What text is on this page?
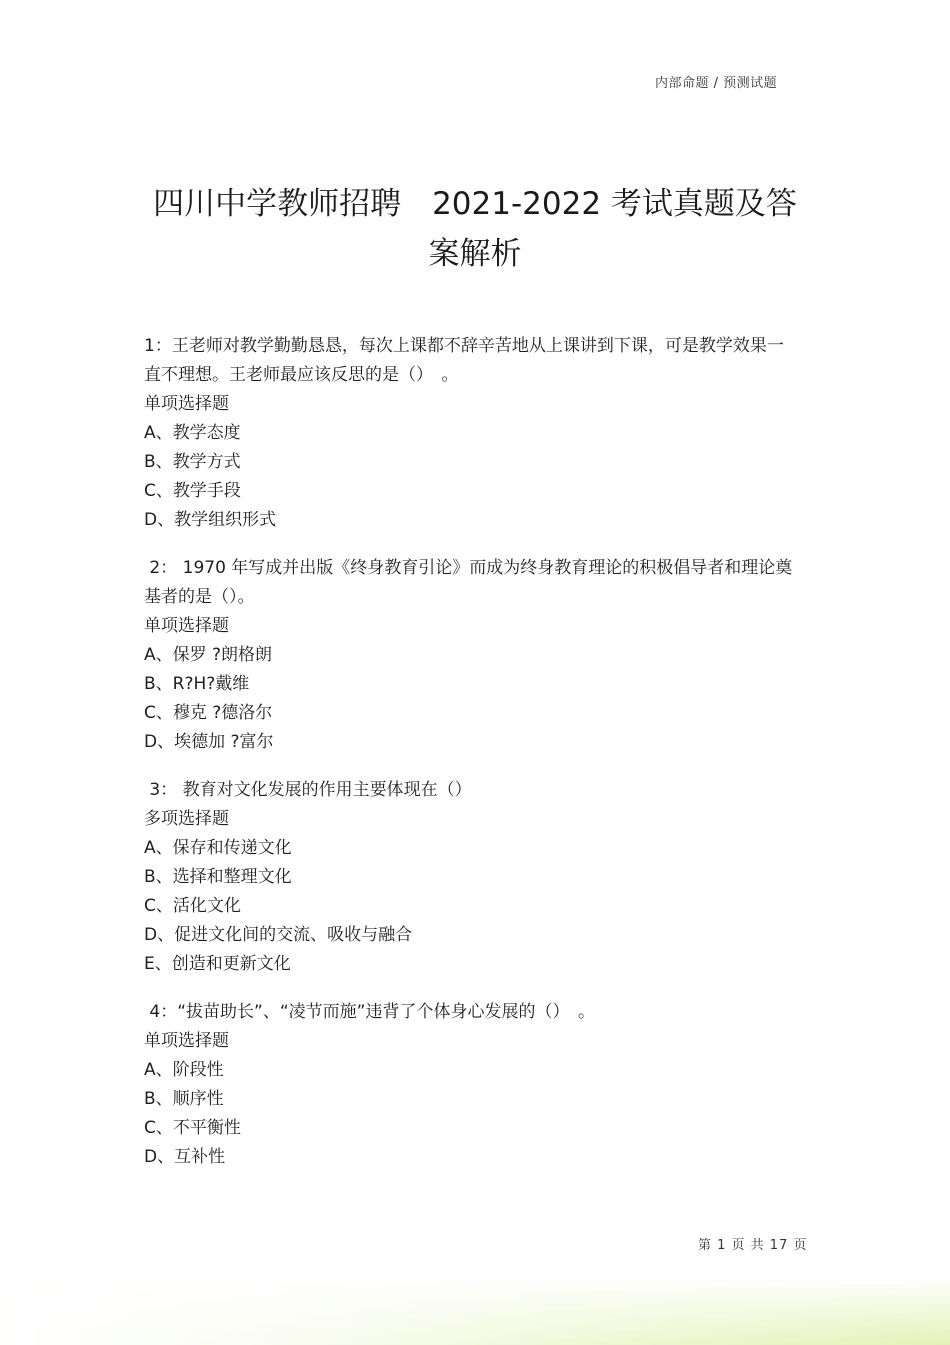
内部命题 / 预测试题
四川中学教师招聘　2021-2022 考试真题及答
案解析
1：王老师对教学勤勤恳恳，每次上课都不辞辛苦地从上课讲到下课，可是教学效果一直不理想。王老师最应该反思的是（）　。
单项选择题
A、教学态度
B、教学方式
C、教学手段
D、教学组织形式
2： 1970 年写成并出版《终身教育引论》而成为终身教育理论的积极倡导者和理论奠基者的是（）。
单项选择题
A、保罗 ?朗格朗
B、R?H?戴维
C、穆克 ?德洛尔
D、埃德加 ?富尔
3： 教育对文化发展的作用主要体现在（）
多项选择题
A、保存和传递文化
B、选择和整理文化
C、活化文化
D、促进文化间的交流、吸收与融合
E、创造和更新文化
4：“拔苗助长”、“凌节而施”违背了个体身心发展的（）　。
单项选择题
A、阶段性
B、顺序性
C、不平衡性
D、互补性
第 1 页 共 17 页
